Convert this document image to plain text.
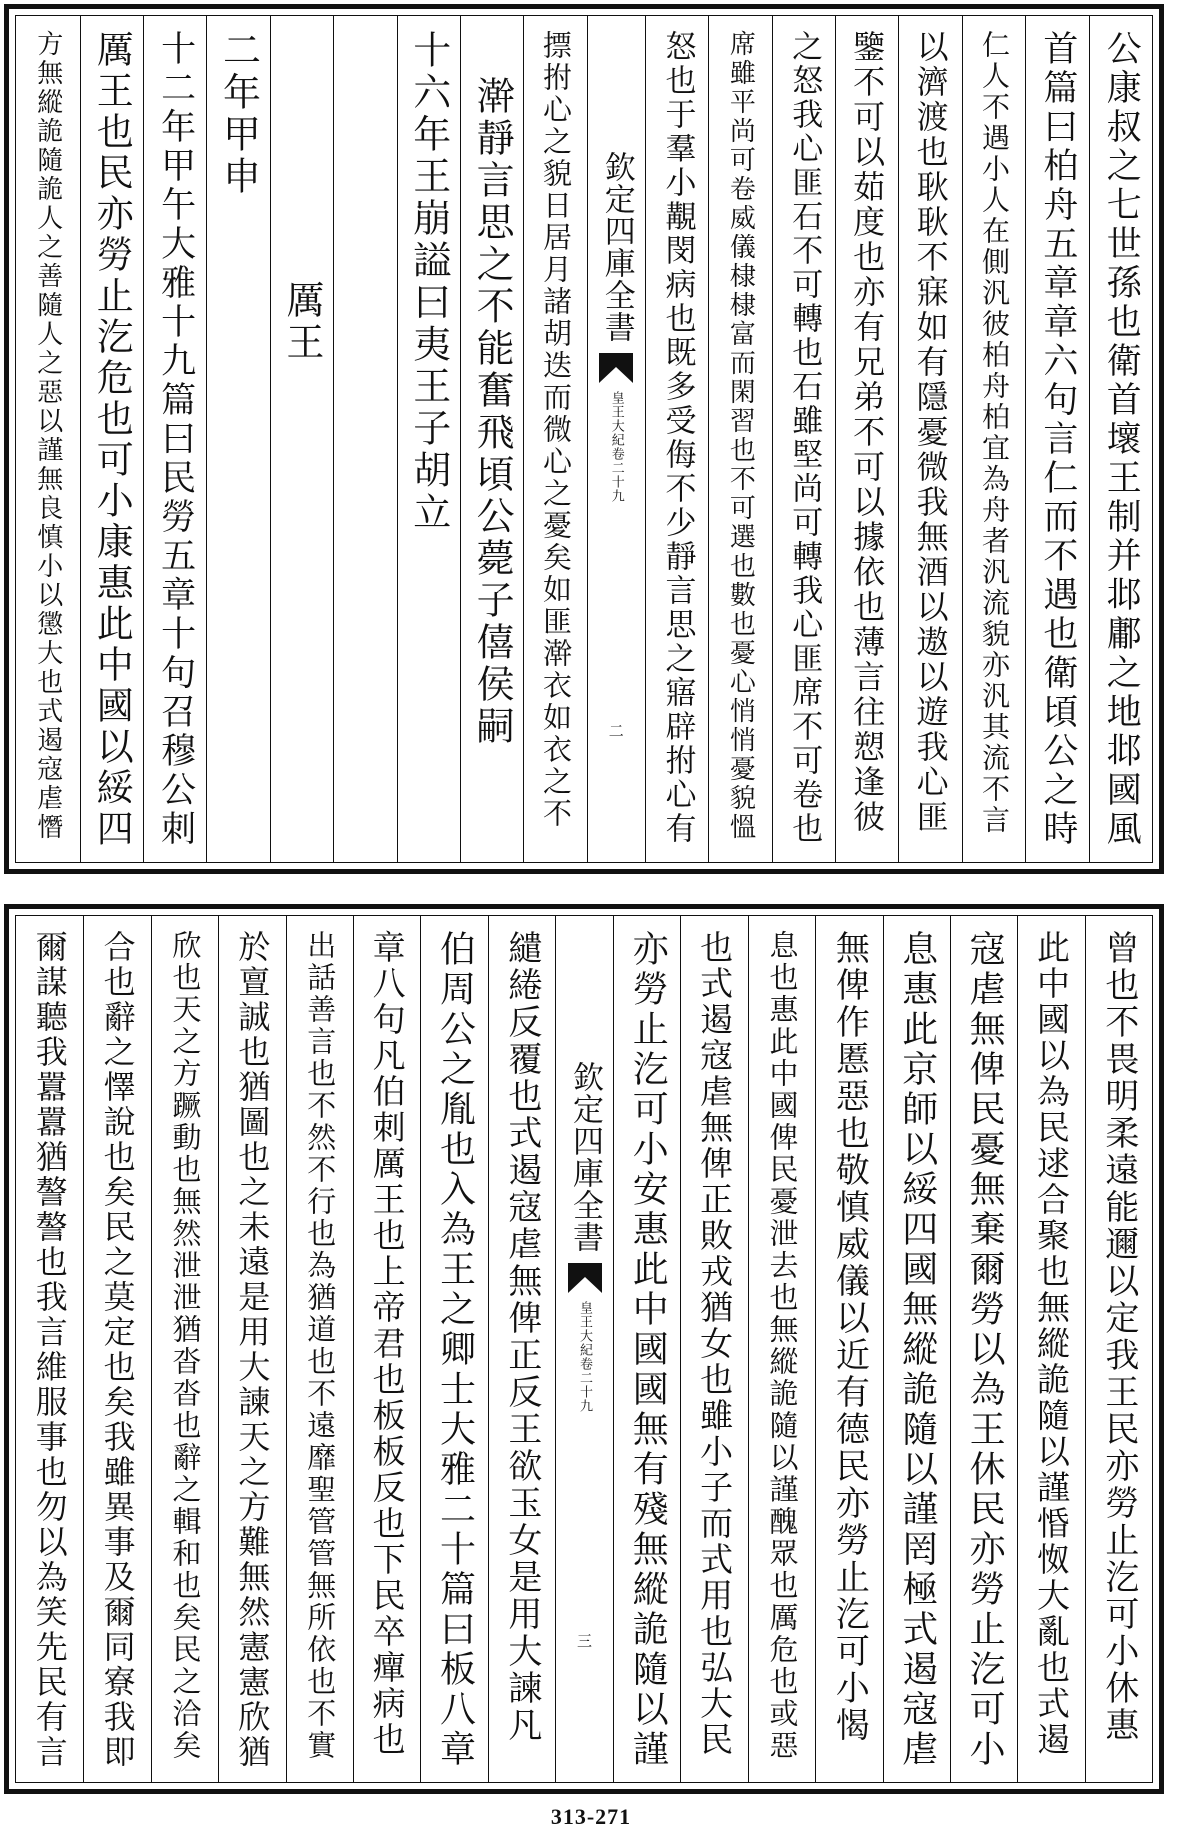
公康叔之七世孫也衛首壞王制并邶鄘之地邶國風
首篇曰柏舟五章章六句言仁而不遇也衛頃公之時
仁人不遇小人在側汎彼柏舟柏宜為舟者汎流貌亦汎其流不言
以濟渡也耿耿不寐如有隱憂微我無酒以遨以遊我心匪
鑒不可以茹度也亦有兄弟不可以據依也薄言往愬逢彼
之怒我心匪石不可轉也石雖堅尚可轉我心匪席不可卷也
席雖平尚可卷威儀棣棣富而閑習也不可選也數也憂心悄悄憂貌慍
怒也于羣小覯閔病也既多受侮不少靜言思之寤辟拊心有
欽定四庫全書
皇王大紀卷二十九
二
摽拊心之貌日居月諸胡迭而微心之憂矣如匪澣衣如衣之不
澣靜言思之不能奮飛頃公薨子僖侯嗣
十六年王崩謚曰夷王子胡立
厲王
二年甲申
十二年甲午大雅十九篇曰民勞五章十句召穆公刺
厲王也民亦勞止汔危也可小康惠此中國以綏四
方無縱詭隨詭人之善隨人之惡以謹無良慎小以懲大也式遏寇虐憯
曾也不畏明柔遠能邇以定我王民亦勞止汔可小休惠
此中國以為民逑合聚也無縱詭隨以謹惛怓大亂也式遏
寇虐無俾民憂無棄爾勞以為王休民亦勞止汔可小
息惠此京師以綏四國無縱詭隨以謹罔極式遏寇虐
無俾作慝惡也敬慎威儀以近有德民亦勞止汔可小愒
息也惠此中國俾民憂泄去也無縱詭隨以謹醜眾也厲危也或惡
也式遏寇虐無俾正敗戎猶女也雖小子而式用也弘大民
亦勞止汔可小安惠此中國國無有殘無縱詭隨以謹
欽定四庫全書
皇王大紀卷二十九
三
繾綣反覆也式遏寇虐無俾正反王欲玉女是用大諫凡
伯周公之胤也入為王之卿士大雅二十篇曰板八章
章八句凡伯刺厲王也上帝君也板板反也下民卒癉病也
出話善言也不然不行也為猶道也不遠靡聖管管無所依也不實
於亶誠也猶圖也之未遠是用大諫天之方難無然憲憲欣猶
欣也天之方蹶動也無然泄泄猶沓沓也辭之輯和也矣民之洽矣
合也辭之懌說也矣民之莫定也矣我雖異事及爾同寮我即
爾謀聽我囂囂猶謷謷也我言維服事也勿以為笑先民有言
313-271
